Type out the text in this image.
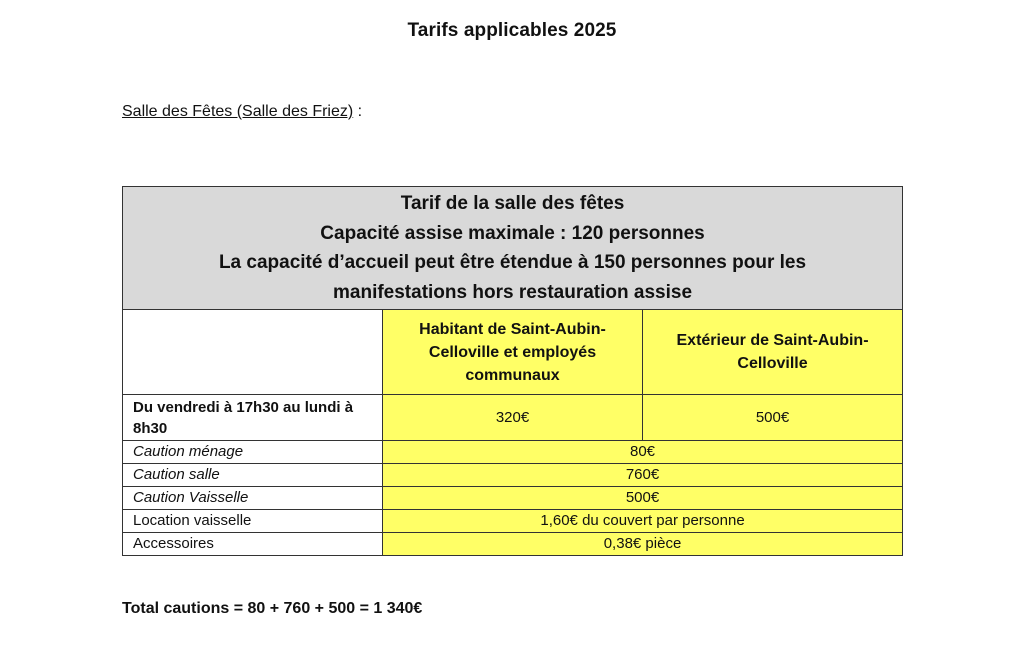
Tarifs applicables 2025
Salle des Fêtes (Salle des Friez) :
Tarif de la salle des fêtes
Capacité assise maximale : 120 personnes
La capacité d’accueil peut être étendue à 150 personnes pour les
manifestations hors restauration assise		

	Habitant de Saint-Aubin-Celloville et employés communaux	Extérieur de Saint-Aubin-Celloville
Du vendredi à 17h30 au lundi à 8h30	320€	500€
Caution ménage	80€	
Caution salle	760€	
Caution Vaisselle	500€	
Location vaisselle	1,60€ du couvert par personne	
Accessoires	0,38€ pièce	
Total cautions = 80 + 760 + 500 = 1 340€
